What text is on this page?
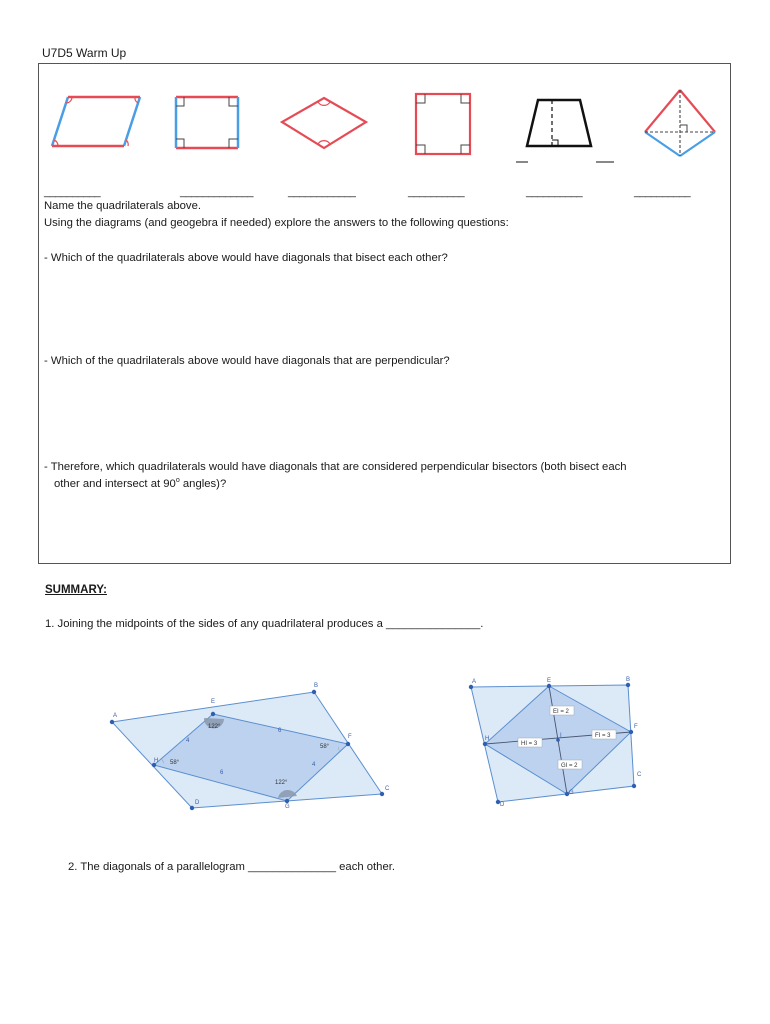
U7D5 Warm Up
__________	_____________	____________	__________	__________	__________
Name the quadrilaterals above.
Using the diagrams (and geogebra if needed) explore the answers to the following questions:
- Which of the quadrilaterals above would have diagonals that bisect each other?
- Which of the quadrilaterals above would have diagonals that are perpendicular?
- Therefore, which quadrilaterals would have diagonals that are considered perpendicular bisectors (both bisect each
other and intersect at 90$^o$ angles)?
SUMMARY:
1. Joining the midpoints of the sides of any quadrilateral produces a _______________.
A
B
C
D
E
F
H
G
4
6
6
4
122°
58°
58°
122°
A	B
C
D
E
F
G
H	I
EI = 2
FI = 3
HI = 3
GI = 2
2. The diagonals of a parallelogram ______________ each other.
